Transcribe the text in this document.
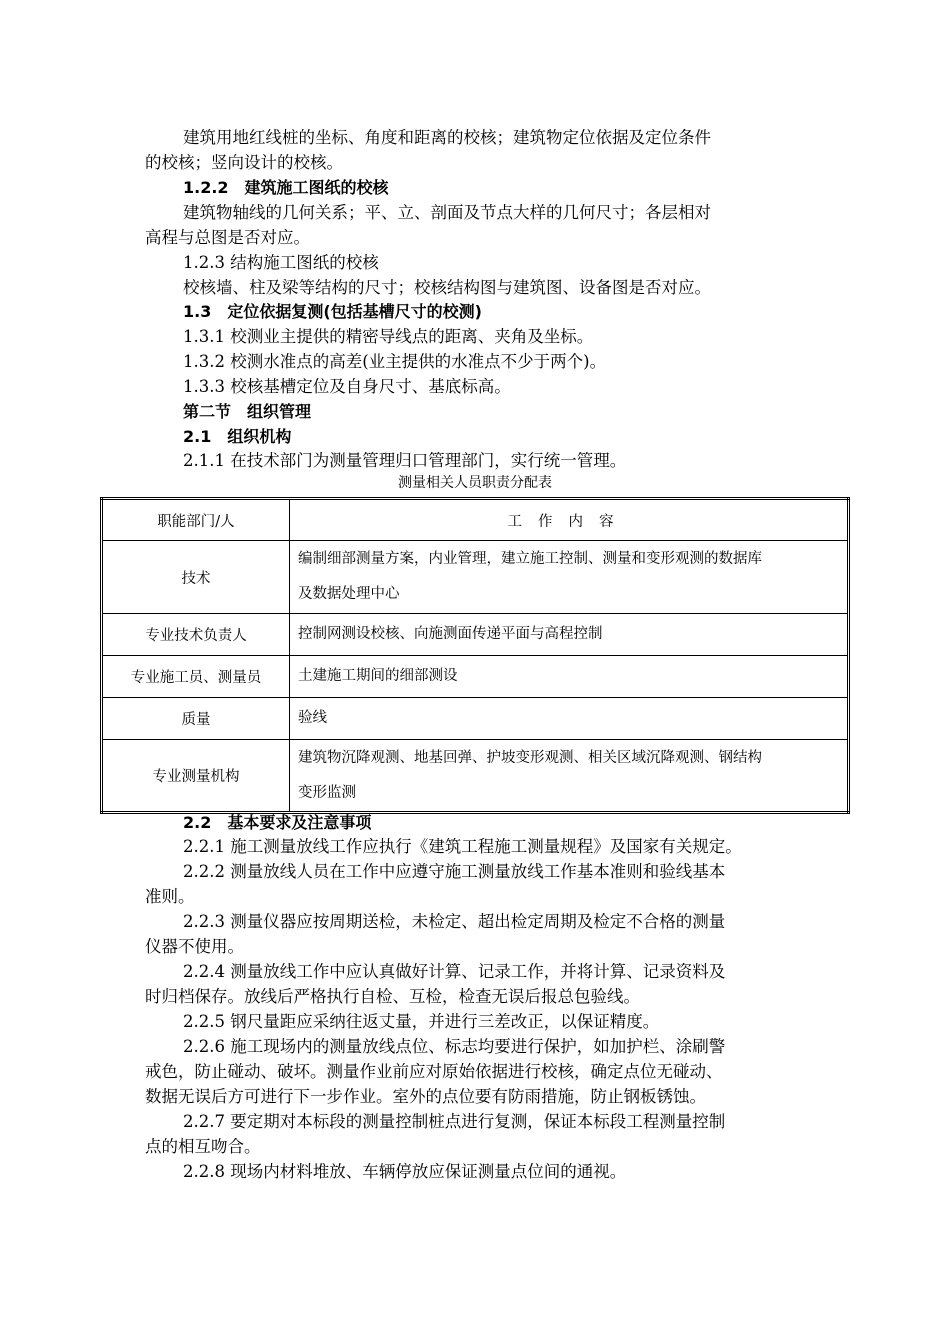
建筑用地红线桩的坐标、角度和距离的校核；建筑物定位依据及定位条件
的校核；竖向设计的校核。
1.2.2　建筑施工图纸的校核
建筑物轴线的几何关系；平、立、剖面及节点大样的几何尺寸；各层相对
高程与总图是否对应。
1.2.3 结构施工图纸的校核
校核墙、柱及梁等结构的尺寸；校核结构图与建筑图、设备图是否对应。
1.3　定位依据复测(包括基槽尺寸的校测)
1.3.1 校测业主提供的精密导线点的距离、夹角及坐标。
1.3.2 校测水准点的高差(业主提供的水准点不少于两个)。
1.3.3 校核基槽定位及自身尺寸、基底标高。
第二节　组织管理
2.1　组织机构
2.1.1 在技术部门为测量管理归口管理部门，实行统一管理。
测量相关人员职责分配表
职能部门/人	工作内容
技术	编制细部测量方案，内业管理，建立施工控制、测量和变形观测的数据库
及数据处理中心

专业技术负责人	控制网测设校核、向施测面传递平面与高程控制
专业施工员、测量员	土建施工期间的细部测设
质量	验线
专业测量机构	建筑物沉降观测、地基回弹、护坡变形观测、相关区域沉降观测、钢结构
变形监测
2.2　基本要求及注意事项
2.2.1 施工测量放线工作应执行《建筑工程施工测量规程》及国家有关规定。
2.2.2 测量放线人员在工作中应遵守施工测量放线工作基本准则和验线基本
准则。
2.2.3 测量仪器应按周期送检，未检定、超出检定周期及检定不合格的测量
仪器不使用。
2.2.4 测量放线工作中应认真做好计算、记录工作，并将计算、记录资料及
时归档保存。放线后严格执行自检、互检，检查无误后报总包验线。
2.2.5 钢尺量距应采纳往返丈量，并进行三差改正，以保证精度。
2.2.6 施工现场内的测量放线点位、标志均要进行保护，如加护栏、涂刷警
戒色，防止碰动、破坏。测量作业前应对原始依据进行校核，确定点位无碰动、
数据无误后方可进行下一步作业。室外的点位要有防雨措施，防止钢板锈蚀。
2.2.7 要定期对本标段的测量控制桩点进行复测，保证本标段工程测量控制
点的相互吻合。
2.2.8 现场内材料堆放、车辆停放应保证测量点位间的通视。
